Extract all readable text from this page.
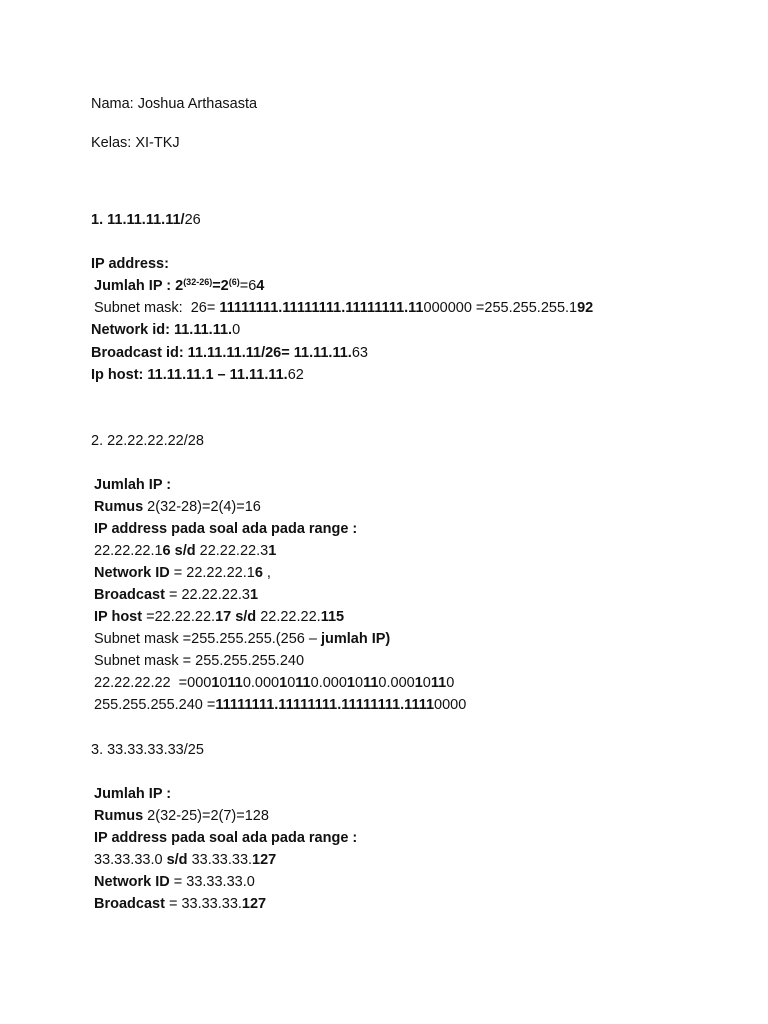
Nama: Joshua Arthasasta
Kelas: XI-TKJ
1. 11.11.11.11/26
IP address:
Jumlah IP : $2^{(32-26)}=2^{(6)}=64$
Subnet mask:  26= 11111111.11111111.11111111.11000000 =255.255.255.192
Network id: 11.11.11.0
Broadcast id: 11.11.11.11/26= 11.11.11.63
Ip host: 11.11.11.1 – 11.11.11.62
2. 22.22.22.22/28
Jumlah IP :
Rumus 2(32-28)=2(4)=16
IP address pada soal ada pada range :
22.22.22.16 s/d 22.22.22.31
Network ID = 22.22.22.16 ,
Broadcast = 22.22.22.31
IP host =22.22.22.17 s/d 22.22.22.115
Subnet mask =255.255.255.(256 – jumlah IP)
Subnet mask = 255.255.255.240
22.22.22.22  =00010110.00010110.00010110.00010110
255.255.255.240 =11111111.11111111.11111111.11110000
3. 33.33.33.33/25
Jumlah IP :
Rumus 2(32-25)=2(7)=128
IP address pada soal ada pada range :
33.33.33.0 s/d 33.33.33.127
Network ID = 33.33.33.0
Broadcast = 33.33.33.127
